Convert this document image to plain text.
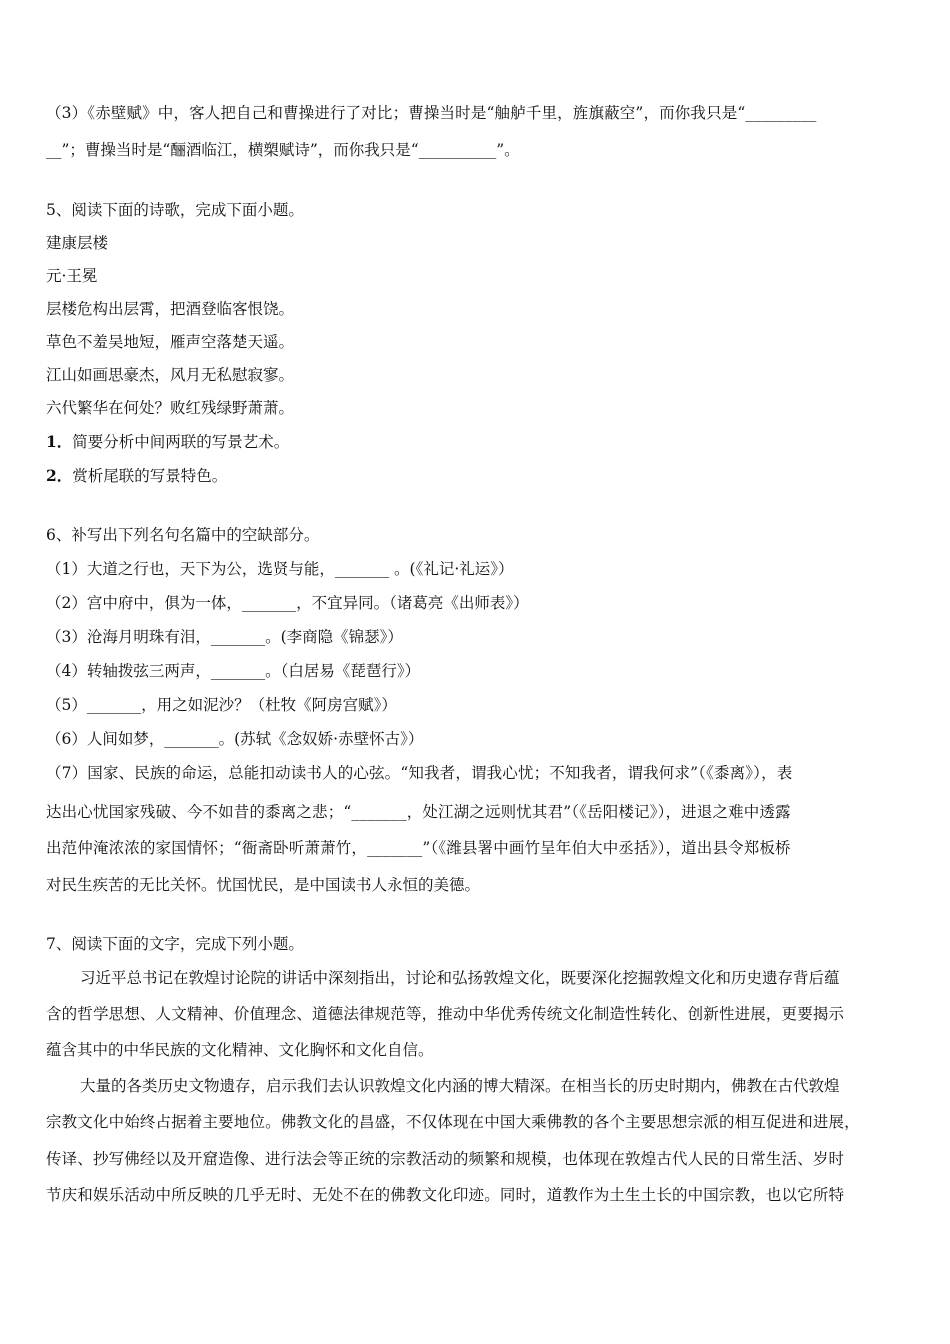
（3）《赤壁赋》中，客人把自己和曹操进行了对比；曹操当时是“舳舻千里，旌旗蔽空”，而你我只是“_________
__”；曹操当时是“酾酒临江，横槊赋诗”，而你我只是“__________”。
5、阅读下面的诗歌，完成下面小题。
建康层楼
元·王冕
层楼危构出层霄，把酒登临客恨饶。
草色不羞吴地短，雁声空落楚天遥。
江山如画思豪杰，风月无私慰寂寥。
六代繁华在何处？败红残绿野萧萧。
1．简要分析中间两联的写景艺术。
2．赏析尾联的写景特色。
6、补写出下列名句名篇中的空缺部分。
（1）大道之行也，天下为公，选贤与能，_______ 。(《礼记·礼运》）
（2）宫中府中，俱为一体，_______，不宜异同。（诸葛亮《出师表》）
（3）沧海月明珠有泪，_______。(李商隐《锦瑟》）
（4）转轴拨弦三两声，_______。（白居易《琵琶行》）
（5）_______，用之如泥沙？（杜牧《阿房宫赋》）
（6）人间如梦，_______。(苏轼《念奴娇·赤壁怀古》）
（7）国家、民族的命运，总能扣动读书人的心弦。“知我者，谓我心忧；不知我者，谓我何求”（《黍离》），表
达出心忧国家残破、今不如昔的黍离之悲；“_______，处江湖之远则忧其君”（《岳阳楼记》），进退之难中透露
出范仲淹浓浓的家国情怀；“衙斋卧听萧萧竹，_______”（《潍县署中画竹呈年伯大中丞括》），道出县令郑板桥
对民生疾苦的无比关怀。忧国忧民，是中国读书人永恒的美德。
7、阅读下面的文字，完成下列小题。
习近平总书记在敦煌讨论院的讲话中深刻指出，讨论和弘扬敦煌文化，既要深化挖掘敦煌文化和历史遗存背后蕴
含的哲学思想、人文精神、价值理念、道德法律规范等，推动中华优秀传统文化制造性转化、创新性进展，更要揭示
蕴含其中的中华民族的文化精神、文化胸怀和文化自信。
大量的各类历史文物遗存，启示我们去认识敦煌文化内涵的博大精深。在相当长的历史时期内，佛教在古代敦煌
宗教文化中始终占据着主要地位。佛教文化的昌盛，不仅体现在中国大乘佛教的各个主要思想宗派的相互促进和进展，
传译、抄写佛经以及开窟造像、进行法会等正统的宗教活动的频繁和规模，也体现在敦煌古代人民的日常生活、岁时
节庆和娱乐活动中所反映的几乎无时、无处不在的佛教文化印迹。同时，道教作为土生土长的中国宗教，也以它所特
